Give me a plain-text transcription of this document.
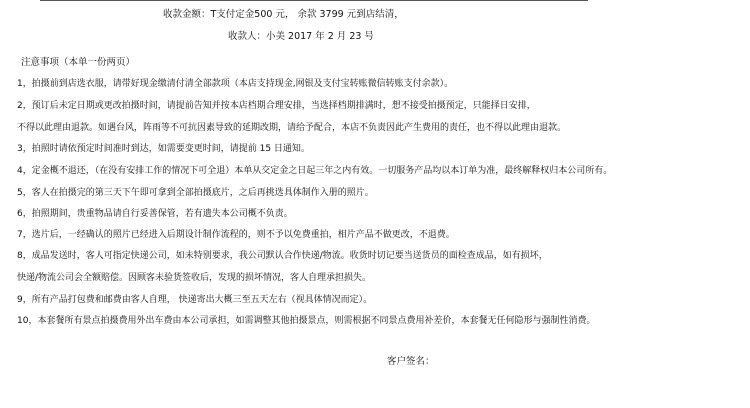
收款金额：T支付定金500 元， 余款 3799 元到店结清，
收款人：小美 2017 年 2 月 23 号
注意事项（本单一份两页）
1，拍摄前到店选衣服，请带好现金缴清付清全部款项（本店支持现金,网银及支付宝转账微信转账支付余款）。
2，预订后未定日期或更改拍摄时间，请提前告知并按本店档期合理安排，当选择档期排满时，想不接受拍摄预定，只能择日安排，
不得以此理由退款。如遇台风，阵雨等不可抗因素导致的延期改期，请给予配合，本店不负责因此产生费用的责任，也不得以此理由退款。
3，拍照时请依预定时间准时到达，如需要变更时间，请提前 15 日通知。
4，定金概不退还，（在没有安排工作的情况下可全退）本单从交定金之日起三年之内有效。一切服务产品均以本订单为准，最终解释权归本公司所有。
5，客人在拍摄完的第三天下午即可拿到全部拍摄底片，之后再挑选具体制作入册的照片。
6，拍照期间，贵重物品请自行妥善保管，若有遗失本公司概不负责。
7，选片后，一经确认的照片已经进入后期设计制作流程的，则不予以免费重拍，相片产品不做更改，不退费。
8，成品发送时，客人可指定快递公司，如未特别要求，我公司默认合作快递/物流。收货时切记要当送货员的面检查成品，如有损坏，
快递/物流公司会全额赔偿。因顾客未验货签收后，发现的损坏情况，客人自理承担损失。
9，所有产品打包费和邮费由客人自理， 快递寄出大概三至五天左右（视具体情况而定）。
10，本套餐所有景点拍摄费用外出车费由本公司承担，如需调整其他拍摄景点，则需根据不同景点费用补差价，本套餐无任何隐形与强制性消费。
客户签名：
